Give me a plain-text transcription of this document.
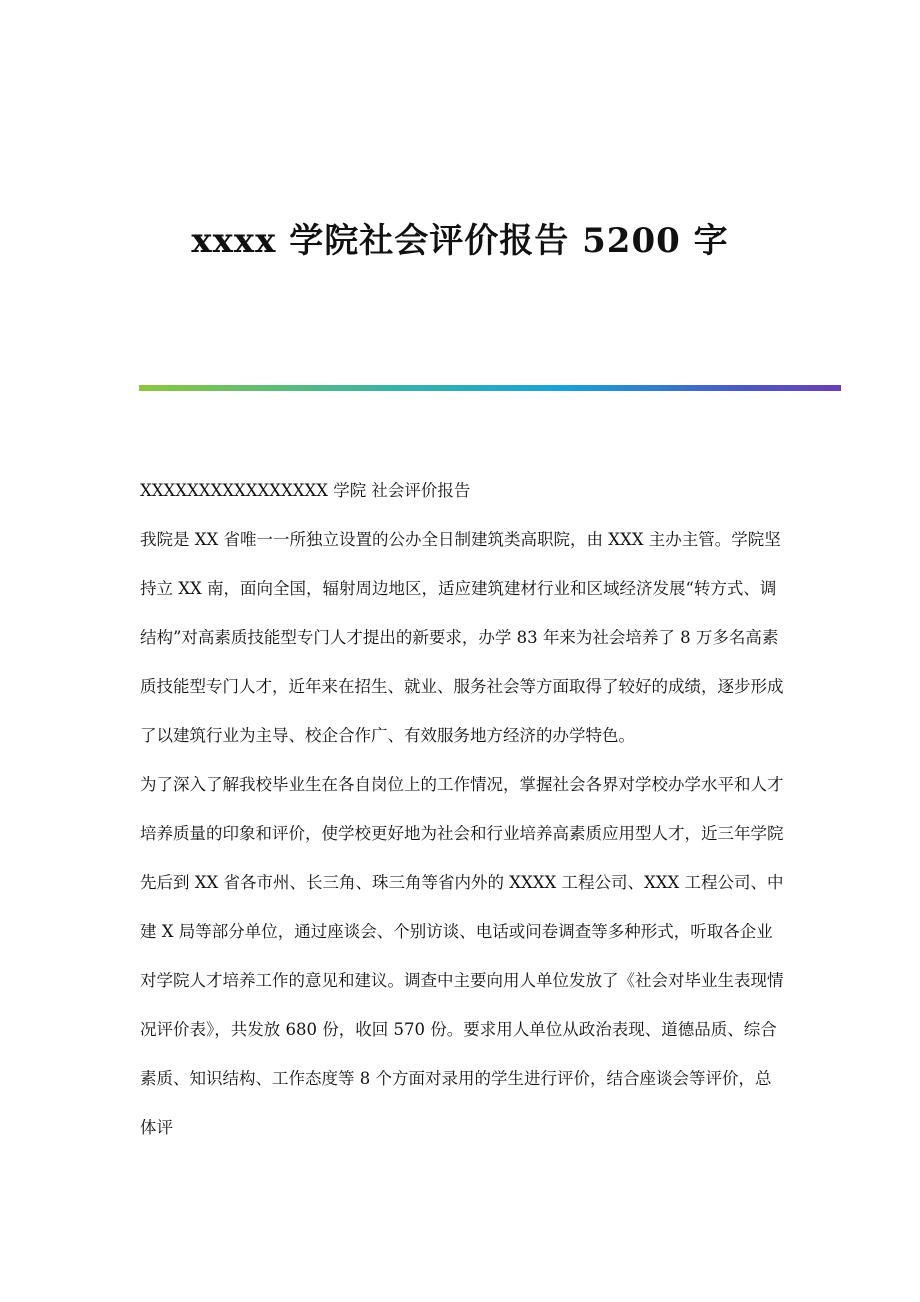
xxxx 学院社会评价报告 5200 字

XXXXXXXXXXXXXXXX 学院 社会评价报告

我院是 XX 省唯一一所独立设置的公办全日制建筑类高职院，由 XXX 主办主管。学院坚持立 XX 南，面向全国，辐射周边地区，适应建筑建材行业和区域经济发展“转方式、调结构”对高素质技能型专门人才提出的新要求，办学 83 年来为社会培养了 8 万多名高素质技能型专门人才，近年来在招生、就业、服务社会等方面取得了较好的成绩，逐步形成了以建筑行业为主导、校企合作广、有效服务地方经济的办学特色。

为了深入了解我校毕业生在各自岗位上的工作情况，掌握社会各界对学校办学水平和人才培养质量的印象和评价，使学校更好地为社会和行业培养高素质应用型人才，近三年学院先后到 XX 省各市州、长三角、珠三角等省内外的 XXXX 工程公司、XXX 工程公司、中建 X 局等部分单位，通过座谈会、个别访谈、电话或问卷调查等多种形式，听取各企业对学院人才培养工作的意见和建议。调查中主要向用人单位发放了《社会对毕业生表现情况评价表》，共发放 680 份，收回 570 份。要求用人单位从政治表现、道德品质、综合素质、知识结构、工作态度等 8 个方面对录用的学生进行评价，结合座谈会等评价，总体评
